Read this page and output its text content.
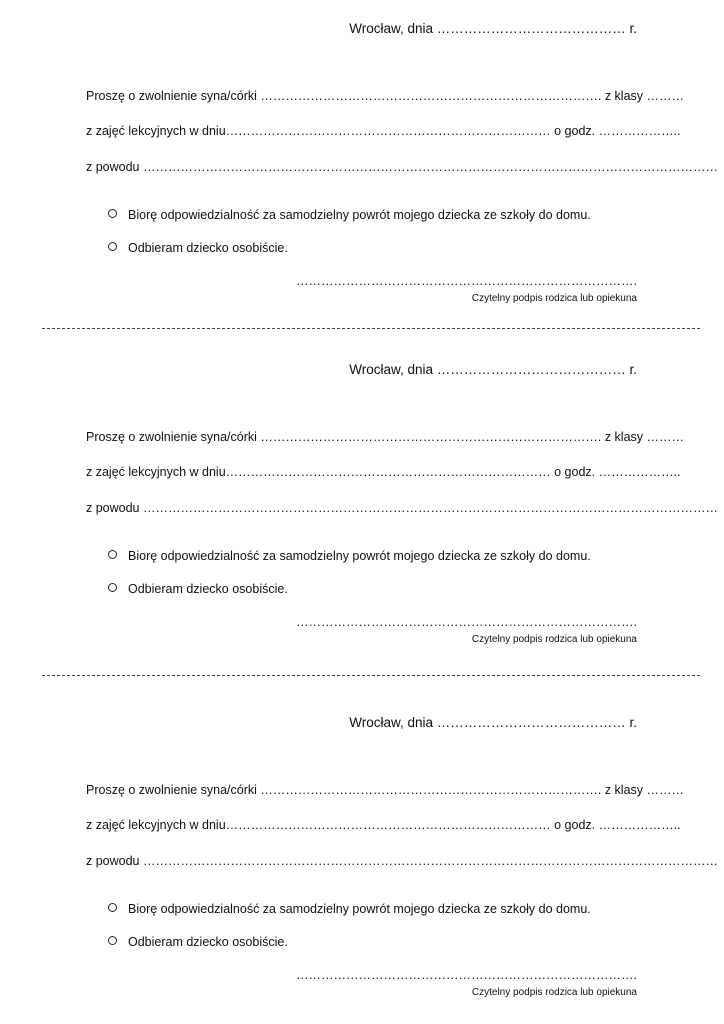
Wrocław, dnia …………………………………… r.
Proszę o zwolnienie syna/córki ………………………………………………………………………. z klasy ………
z zajęć lekcyjnych w dniu…………………………………………………………………… o godz. ………………..
z powodu …………………………………………………………………………………………………………………………
Biorę odpowiedzialność za samodzielny powrót mojego dziecka ze szkoły do domu.
Odbieram dziecko osobiście.
……………………………………………………………………….
Czytelny podpis rodzica lub opiekuna
Wrocław, dnia …………………………………… r.
Proszę o zwolnienie syna/córki ………………………………………………………………………. z klasy ………
z zajęć lekcyjnych w dniu…………………………………………………………………… o godz. ………………..
z powodu …………………………………………………………………………………………………………………………
Biorę odpowiedzialność za samodzielny powrót mojego dziecka ze szkoły do domu.
Odbieram dziecko osobiście.
……………………………………………………………………….
Czytelny podpis rodzica lub opiekuna
Wrocław, dnia …………………………………… r.
Proszę o zwolnienie syna/córki ………………………………………………………………………. z klasy ………
z zajęć lekcyjnych w dniu…………………………………………………………………… o godz. ………………..
z powodu …………………………………………………………………………………………………………………………
Biorę odpowiedzialność za samodzielny powrót mojego dziecka ze szkoły do domu.
Odbieram dziecko osobiście.
……………………………………………………………………….
Czytelny podpis rodzica lub opiekuna
